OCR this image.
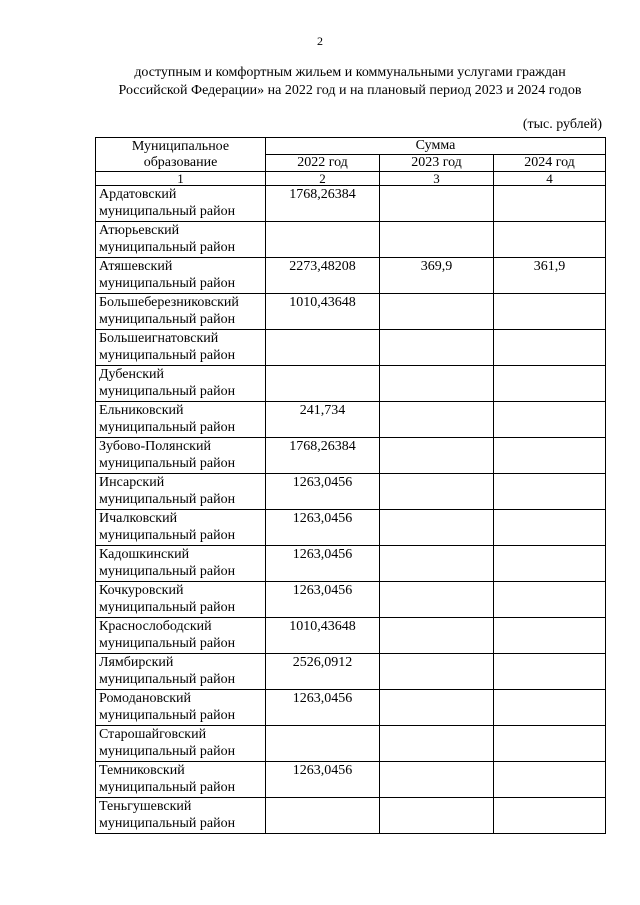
2
доступным и комфортным жильем и коммунальными услугами граждан
Российской Федерации» на 2022 год и на плановый период 2023 и 2024 годов
(тыс. рублей)
Муниципальное образование	Сумма		
	2022 год	2023 год	2024 год
1	2	3	4

Ардатовский
муниципальный район	1768,26384		

Атюрьевский
муниципальный район			

Атяшевский
муниципальный район	2273,48208	369,9	361,9

Большеберезниковский
муниципальный район	1010,43648		

Большеигнатовский
муниципальный район			

Дубенский
муниципальный район			

Ельниковский
муниципальный район	241,734		

Зубово-Полянский
муниципальный район	1768,26384		

Инсарский
муниципальный район	1263,0456		

Ичалковский
муниципальный район	1263,0456		

Кадошкинский
муниципальный район	1263,0456		

Кочкуровский
муниципальный район	1263,0456		

Краснослободский
муниципальный район	1010,43648		

Лямбирский
муниципальный район	2526,0912		

Ромодановский
муниципальный район	1263,0456		

Старошайговский
муниципальный район			

Темниковский
муниципальный район	1263,0456		

Теньгушевский
муниципальный район			
